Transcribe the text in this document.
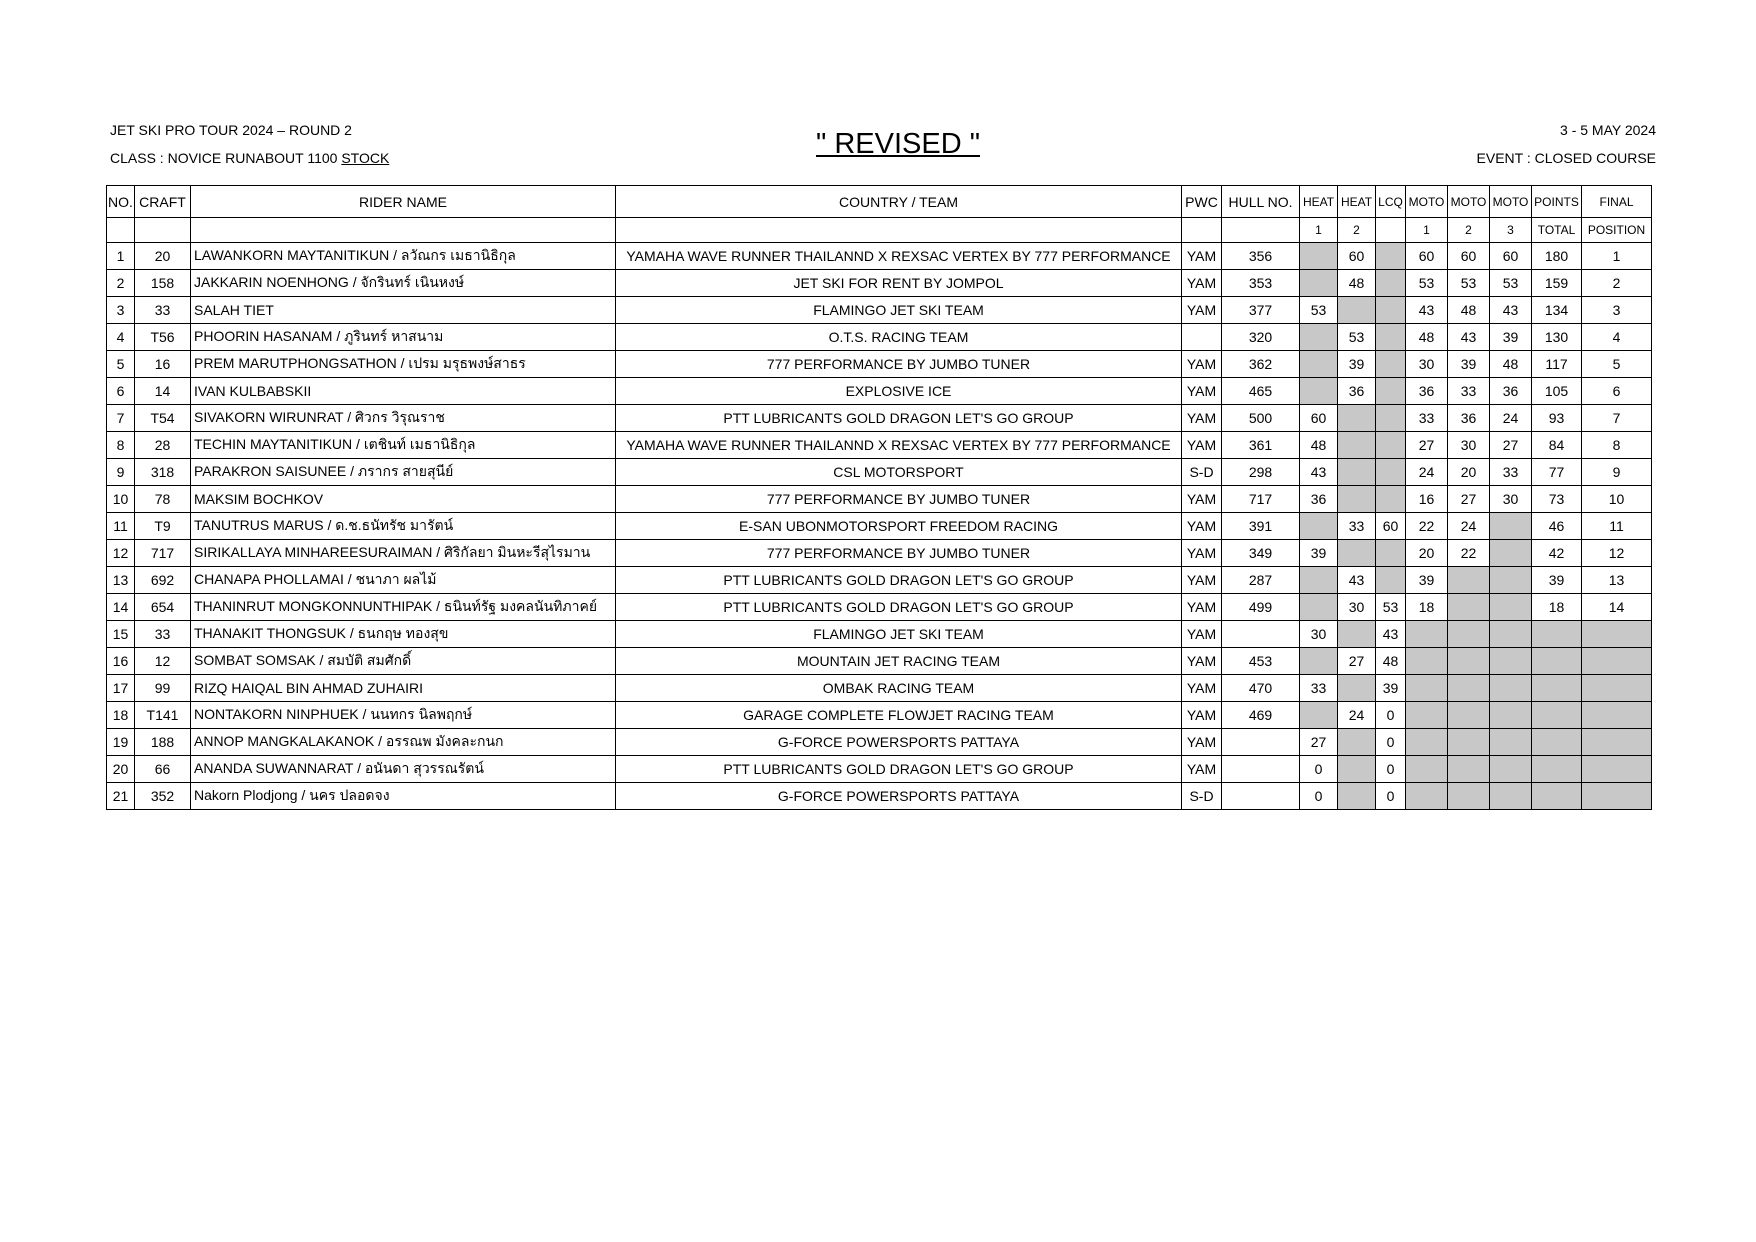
JET SKI PRO TOUR 2024 – ROUND 2
CLASS : NOVICE RUNABOUT 1100 STOCK	" REVISED "	3 - 5 MAY 2024
EVENT : CLOSED COURSE
NO.	CRAFT	RIDER NAME	COUNTRY / TEAM	PWC	HULL NO.	HEAT	HEAT	LCQ	MOTO	MOTO	MOTO	POINTS	FINAL
						1	2		1	2	3	TOTAL	POSITION
1	20	LAWANKORN MAYTANITIKUN / ลวัณกร เมธานิธิกุล	YAMAHA WAVE RUNNER THAILANND X REXSAC VERTEX BY 777 PERFORMANCE	YAM	356		60		60	60	60	180	1
2	158	JAKKARIN NOENHONG / จักรินทร์ เนินหงษ์	JET SKI FOR RENT BY JOMPOL	YAM	353		48		53	53	53	159	2
3	33	SALAH TIET	FLAMINGO JET SKI TEAM	YAM	377	53			43	48	43	134	3
4	T56	PHOORIN HASANAM / ภูรินทร์ หาสนาม	O.T.S. RACING TEAM		320		53		48	43	39	130	4
5	16	PREM MARUTPHONGSATHON / เปรม มรุธพงษ์สาธร	777 PERFORMANCE BY JUMBO TUNER	YAM	362		39		30	39	48	117	5
6	14	IVAN KULBABSKII	EXPLOSIVE ICE	YAM	465		36		36	33	36	105	6
7	T54	SIVAKORN WIRUNRAT / ศิวกร วิรุณราช	PTT LUBRICANTS GOLD DRAGON LET'S GO GROUP	YAM	500	60			33	36	24	93	7
8	28	TECHIN MAYTANITIKUN / เตชินท์ เมธานิธิกุล	YAMAHA WAVE RUNNER THAILANND X REXSAC VERTEX BY 777 PERFORMANCE	YAM	361	48			27	30	27	84	8
9	318	PARAKRON SAISUNEE / ภรากร สายสุนีย์	CSL MOTORSPORT	S-D	298	43			24	20	33	77	9
10	78	MAKSIM BOCHKOV	777 PERFORMANCE BY JUMBO TUNER	YAM	717	36			16	27	30	73	10
11	T9	TANUTRUS MARUS / ด.ช.ธนัทรัช มารัตน์	E-SAN UBONMOTORSPORT FREEDOM RACING	YAM	391		33	60	22	24		46	11
12	717	SIRIKALLAYA MINHAREESURAIMAN / ศิริกัลยา มินหะรีสุไรมาน	777 PERFORMANCE BY JUMBO TUNER	YAM	349	39			20	22		42	12
13	692	CHANAPA PHOLLAMAI / ชนาภา ผลไม้	PTT LUBRICANTS GOLD DRAGON LET'S GO GROUP	YAM	287		43		39			39	13
14	654	THANINRUT MONGKONNUNTHIPAK / ธนินท์รัฐ มงคลนันทิภาคย์	PTT LUBRICANTS GOLD DRAGON LET'S GO GROUP	YAM	499		30	53	18			18	14
15	33	THANAKIT THONGSUK / ธนกฤษ ทองสุข	FLAMINGO JET SKI TEAM	YAM		30		43					
16	12	SOMBAT SOMSAK / สมบัติ สมศักดิ์	MOUNTAIN JET RACING TEAM	YAM	453		27	48					
17	99	RIZQ HAIQAL BIN AHMAD ZUHAIRI	OMBAK RACING TEAM	YAM	470	33		39					
18	T141	NONTAKORN NINPHUEK / นนทกร นิลพฤกษ์	GARAGE COMPLETE FLOWJET RACING TEAM	YAM	469		24	0					
19	188	ANNOP MANGKALAKANOK / อรรณพ มังคละกนก	G-FORCE POWERSPORTS PATTAYA	YAM		27		0					
20	66	ANANDA SUWANNARAT / อนันดา สุวรรณรัตน์	PTT LUBRICANTS GOLD DRAGON LET'S GO GROUP	YAM		0		0					
21	352	Nakorn Plodjong / นคร ปลอดจง	G-FORCE POWERSPORTS PATTAYA	S-D		0		0					
